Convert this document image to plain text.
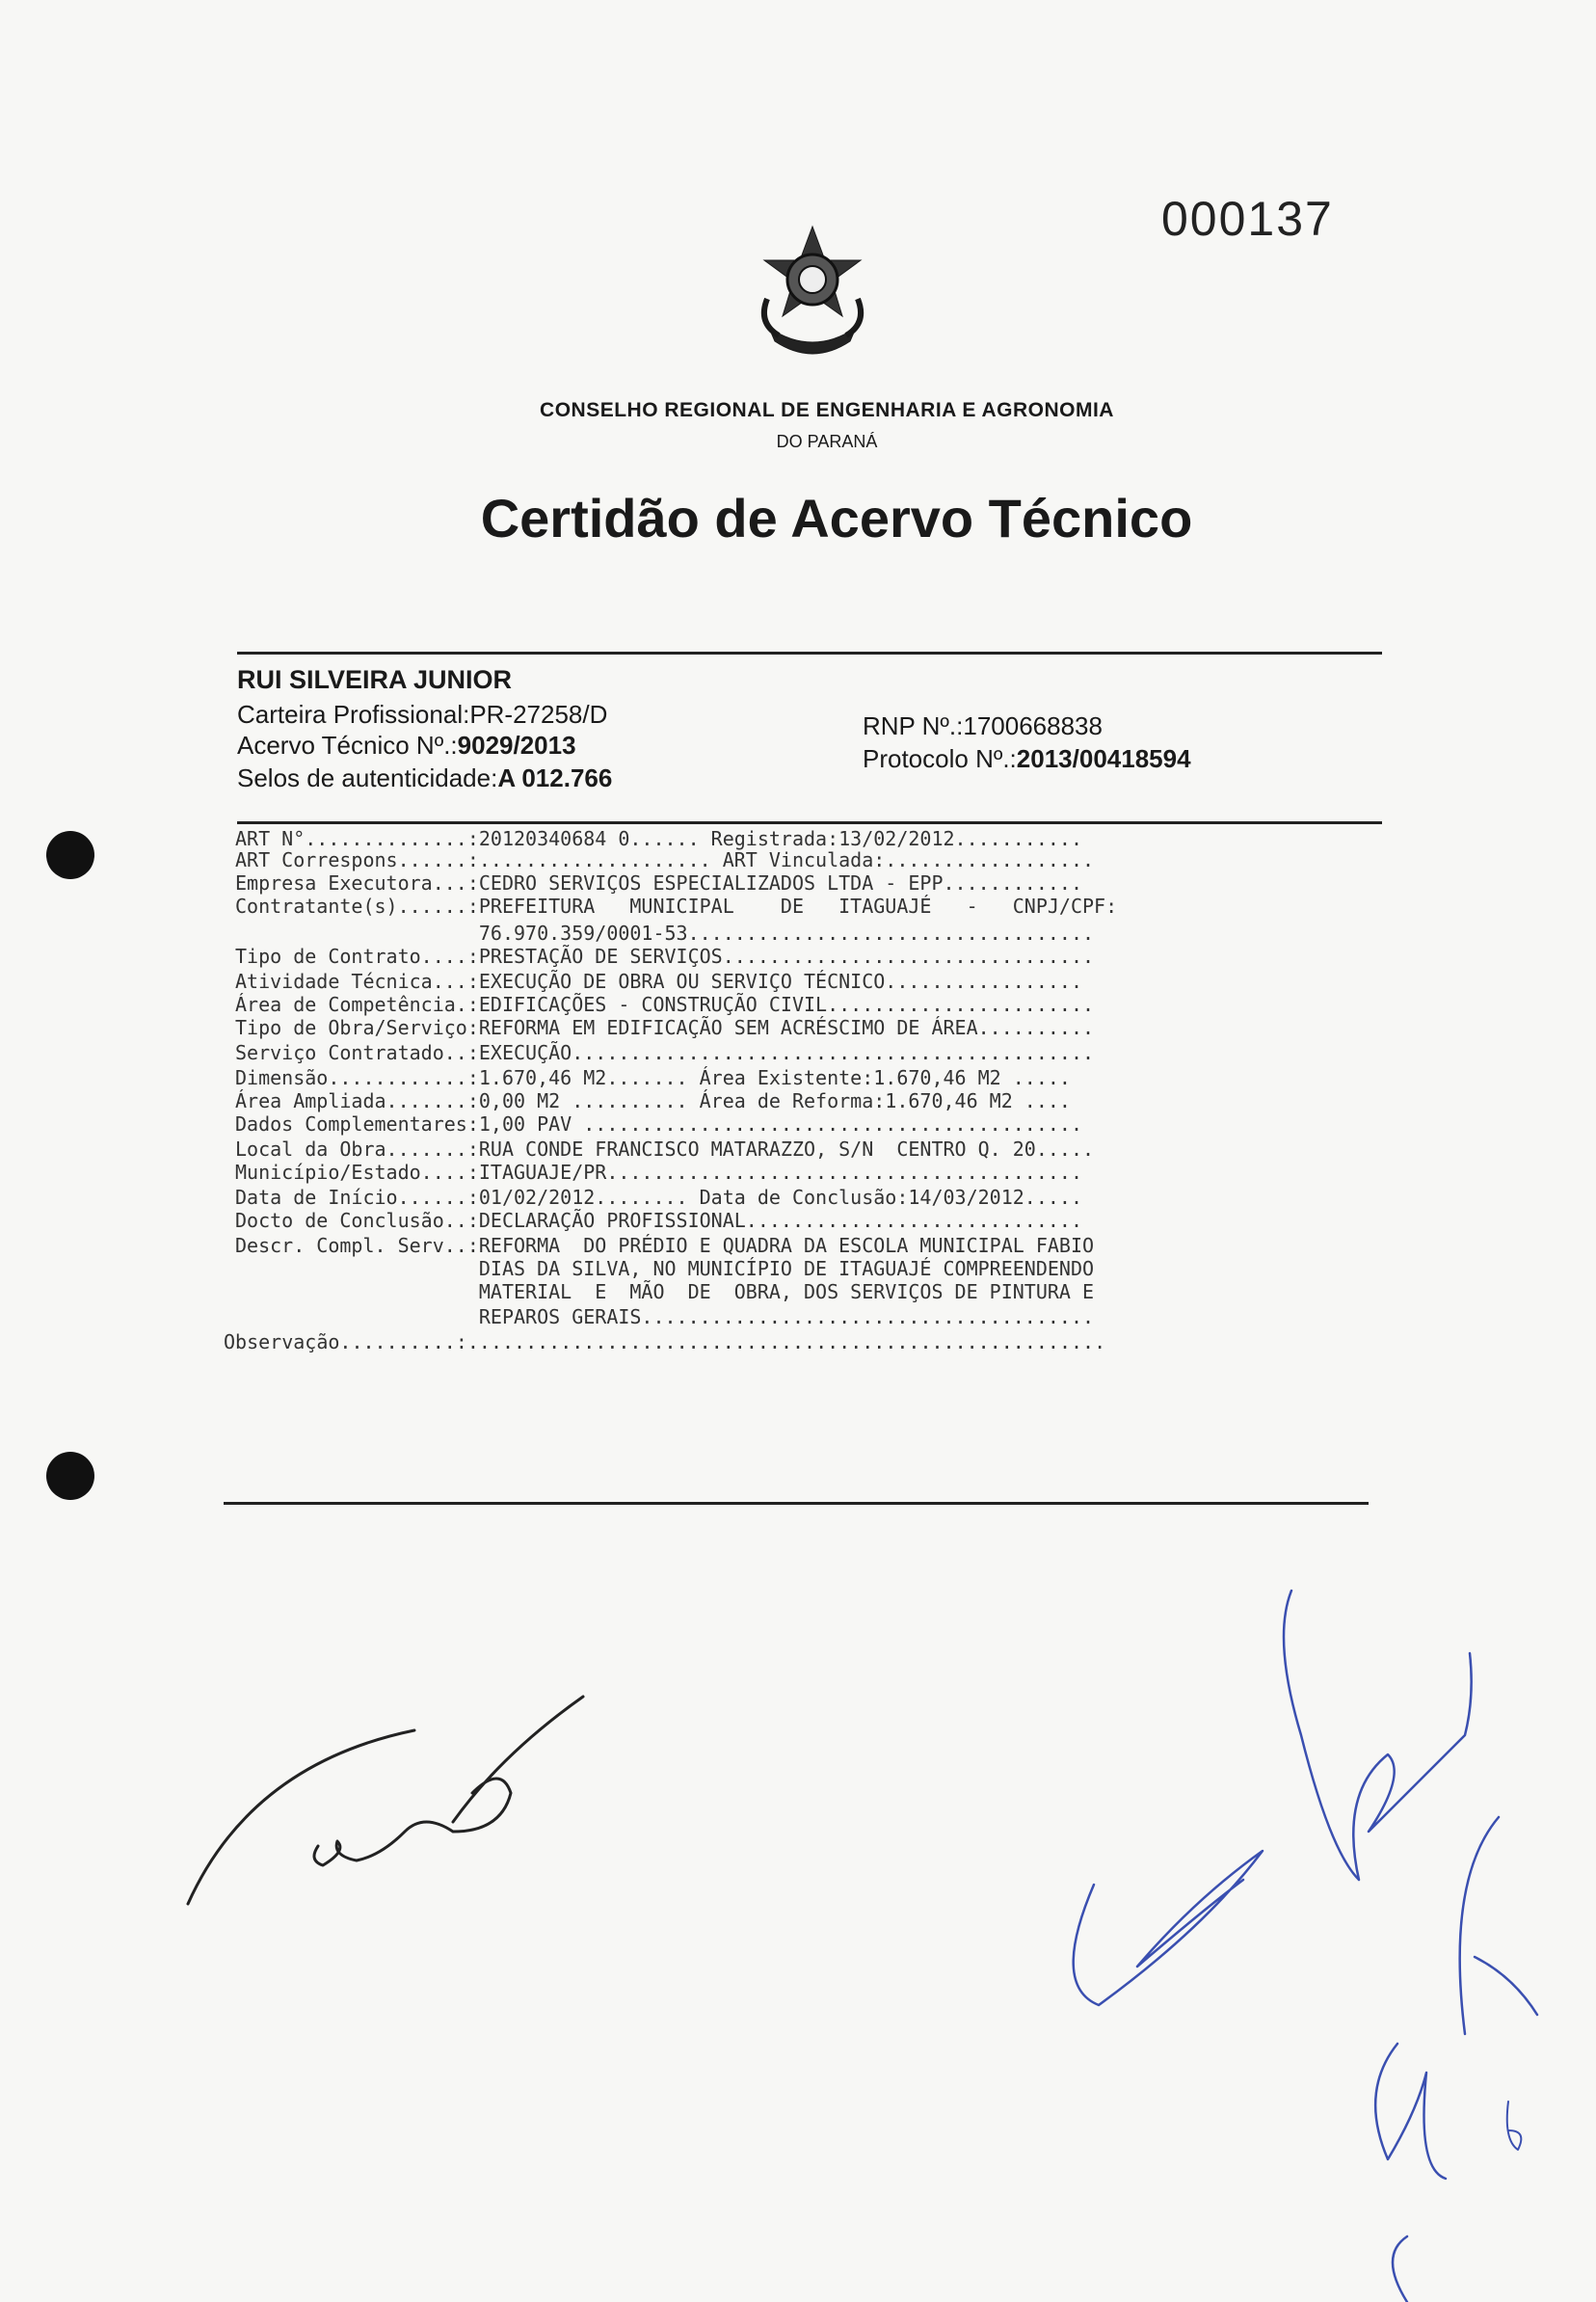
000137
CONSELHO REGIONAL DE ENGENHARIA E AGRONOMIA
DO PARANÁ
Certidão de Acervo Técnico
RUI SILVEIRA JUNIOR
Carteira Profissional:PR-27258/D
Acervo Técnico Nº.:9029/2013
Selos de autenticidade:A 012.766
RNP Nº.:1700668838
Protocolo Nº.:2013/00418594
ART N°..............:20120340684 0...... Registrada:13/02/2012...........
ART Correspons......:.................... ART Vinculada:..................
Empresa Executora...:CEDRO SERVIÇOS ESPECIALIZADOS LTDA - EPP............
Contratante(s)......:PREFEITURA   MUNICIPAL    DE   ITAGUAJÉ   -   CNPJ/CPF:
76.970.359/0001-53...................................
Tipo de Contrato....:PRESTAÇÃO DE SERVIÇOS................................
Atividade Técnica...:EXECUÇÃO DE OBRA OU SERVIÇO TÉCNICO.................
Área de Competência.:EDIFICAÇÕES - CONSTRUÇÃO CIVIL.......................
Tipo de Obra/Serviço:REFORMA EM EDIFICAÇÃO SEM ACRÉSCIMO DE ÁREA..........
Serviço Contratado..:EXECUÇÃO.............................................
Dimensão............:1.670,46 M2....... Área Existente:1.670,46 M2 .....
Área Ampliada.......:0,00 M2 .......... Área de Reforma:1.670,46 M2 ....
Dados Complementares:1,00 PAV ...........................................
Local da Obra.......:RUA CONDE FRANCISCO MATARAZZO, S/N  CENTRO Q. 20.....
Município/Estado....:ITAGUAJE/PR.........................................
Data de Início......:01/02/2012........ Data de Conclusão:14/03/2012.....
Docto de Conclusão..:DECLARAÇÃO PROFISSIONAL.............................
Descr. Compl. Serv..:REFORMA  DO PRÉDIO E QUADRA DA ESCOLA MUNICIPAL FABIO
DIAS DA SILVA, NO MUNICÍPIO DE ITAGUAJÉ COMPREENDENDO
MATERIAL  E  MÃO  DE  OBRA, DOS SERVIÇOS DE PINTURA E
REPAROS GERAIS.......................................
Observação..........:.......................................................
